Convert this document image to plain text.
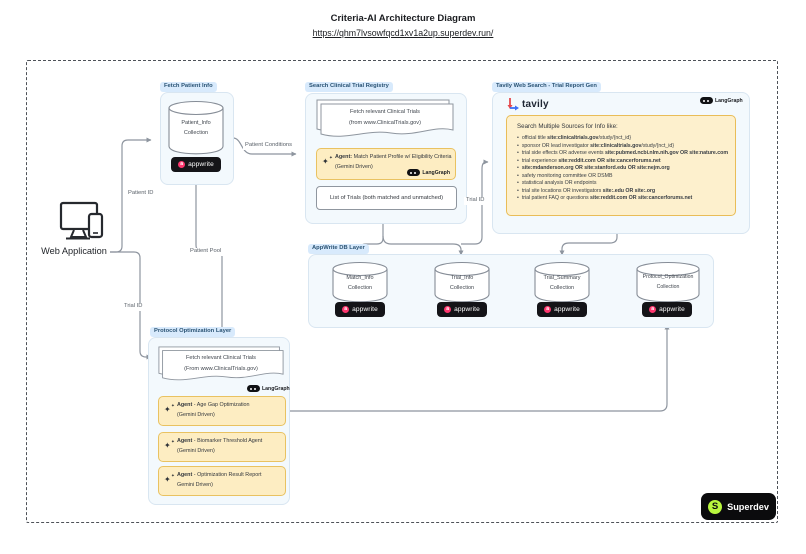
Criteria-AI Architecture Diagram
https://qhm7lvsowfqcd1xv1a2up.superdev.run/
Patient ID
Trial ID
Patient Pool
Patient Conditions
Trial ID
Web Application
Fetch Patient Info
Patient_Info
Collection
a
appwrite
Search Clinical Trial Registry
Fetch relevant Clinical Trials
(from www.ClinicalTrials.gov)
✦ ✦
Agent: Match Patient Profile w/ Eligibility Criteria
(Gemini Driven)
LangGraph
List of Trials (both matched and unmatched)
Tavily Web Search - Trial Report Gen
tavily	LangGraph
Search Multiple Sources for Info like:
• official title site:clinicaltrials.gov/study/{nct_id}
• sponsor OR lead investigator site:clinicaltrials.gov/study/{nct_id}
• trial side effects OR adverse events site:pubmed.ncbi.nlm.nih.gov OR site:nature.com
• trial experience site:reddit.com OR site:cancerforums.net
• site:mdanderson.org OR site:stanford.edu OR site:nejm.org
• safety monitoring committee OR DSMB
• statistical analysis OR endpoints
• trial site locations OR investigators site:.edu OR site:.org
• trial patient FAQ or questions site:reddit.com OR site:cancerforums.net
AppWrite DB Layer
Match_Info
Collection
a
appwrite
Trial_Info
Collection
a
appwrite
Trial_Summary
Collection
a
appwrite
Protocol_Optimization
Collection
a
appwrite
Protocol Optimization Layer
Fetch relevant Clinical Trials
(From www.ClinicalTrials.gov)
LangGraph
✦ ✦
Agent - Age Gap Optimization
(Gemini Driven)
✦ ✦
Agent - Biomarker Threshold Agent
(Gemini Driven)
✦ ✦
Agent - Optimization Result Report
Gemini Driven)
S
Superdev
